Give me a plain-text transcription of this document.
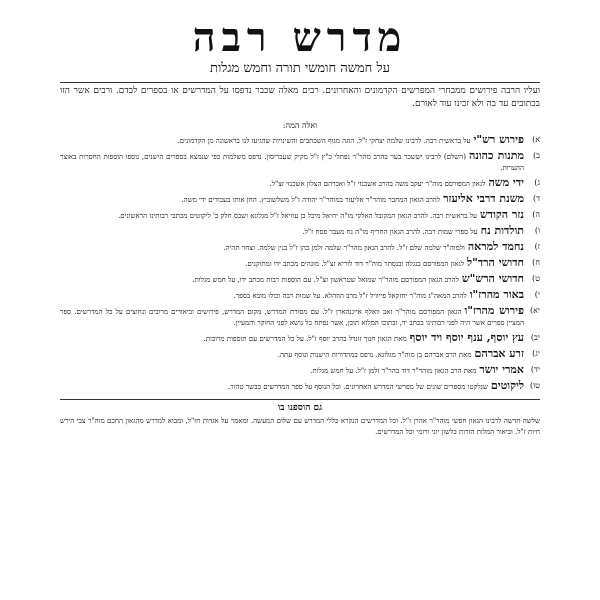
מדרש רבה
על חמשה חומשי תורה וחמש מגלות
ועליו הרבה פירושים ממבחרי המפרשים הקדמונים והאחרונים. רבים מאלה שכבר נדפסו על המדרשים או בספרים לבדם. ורבים אשר הזו בכתובים עד בה ולא זכינו עוד לאורם.
ואלה המה:
א)
פירוש רש"יעל בראשית רבה. לרבינו שלמה יצחקי ז"ל. הוגה מגוף השכתבים והשינויות שהגיעו לנו בראשונה מן הקדמונים.
ב)
מתנות כהונה(השלם) לרבינו יששכר בער בהרב מהר"ר נפתלי כ"ץ ז"ל מקיק שעבריסון. נדפס משלמות כפי שנמצא בספרים הישנים, נוספו הוספות החסרות באוצר ההערות.
ג)
ידי משהלגאון המפורסם מוה"ר יעקב משה בהרב אשכנזי ז"ל ואברהם הצלון אשכנזי זצ"ל.
ד)
משנת דרבי אליעזרלהרב הגאון המחבר מוהר"ר אליעזר במוהר"ר יהודה ז"ל משלשוביץ. החן אותו בעבודים ידי משה.
ה)
נזר הקודשעל בראשית רבה. להרב הגאון המקובל האלקי מו"ה יחיאל מיכל בן עוזיאל ז"ל מגלוגא ושבס חלק ב' ליקוטים מכתבי רבותינו הראשונים.
ו)
תולדות נחעל ספרי שמות רבה. להרב הגאון החריף מו"ה נח מעבר פסח ז"ל.
ז)
נחמד למראהולמוה"ר שלמה שלם ז"ל. להרב הגאון מהר"ר שלמה זלמן כהן ז"ל בנין שלמה. וצחר תהיה.
ח)
חדושי הרד"ללגאון המפורסם בנגלה ובנסתר מוה"ר דוד לוריא זצ"ל. מוגהים מכתב ידו ומתוקנים.
ט)
חדושי הרש"שלהרב הגאון המפורסם מוהר"ר שמואל שטראשון זצ"ל. עם הוספות רבות מכתב ידו, על חמש מגלות.
י)
באור מהרז"ולהרב המאה"ג מוה"ר יחזקאל פייוויל ז"ל מרב הוזהלא. על שמות רבה וכולו מובא בספר.
יא)
פירוש מהרז"והגאון המפורסם מוהר"ר זאב וואלף אייגנהארן ז"ל. עם מסורת המדרש, מקום המדרש, פירושים וביאורים מרובים ונחוצים על כל המדרשים. ספר המציין ספרים אשר היה לפני רבותינו בכתב יד, ובתוכו המלוא תוכן, אשר נפתח כל נושא לפני החוקר והמעיין.
יב)
עץ יוסף, ענף יוסף ויד יוסףמאת הגאון חנוך זונדל בהרב יוסף ז"ל. על כל המדרשים עם תוספות מרובות.
יג)
זרע אברהםמאת הרב אברהם בן מוה"ר מגלוגא. נדפס במהדורות הישנות ונוסף עתה.
יד)
אמרי יושרמאת הרב הגאון מוהר"ר דוד בהר"ר זלמן ז"ל. על חמש מגלות.
טו)
ליקוטיםשנלקטו מספרים שונים של מפרשי המדרש האחרונים. וכל הנוסף על ספר המדרשים כבשר טהור.
גם הוספנו בו
שלשה חדשה לרבינו הגאון חפשי מוהר"ר אהרן ז"ל. וכל המדרשים הנקרא כללי המדרש עם שלום המעשה. ומאמר על אגדות חז"ל, ומבוא למדרש מהגאון החכם מוה"ר צבי הירש חיות ז"ל. וביאור המלות הזרות בלשון יוני ורומי וכל המדרשים.
